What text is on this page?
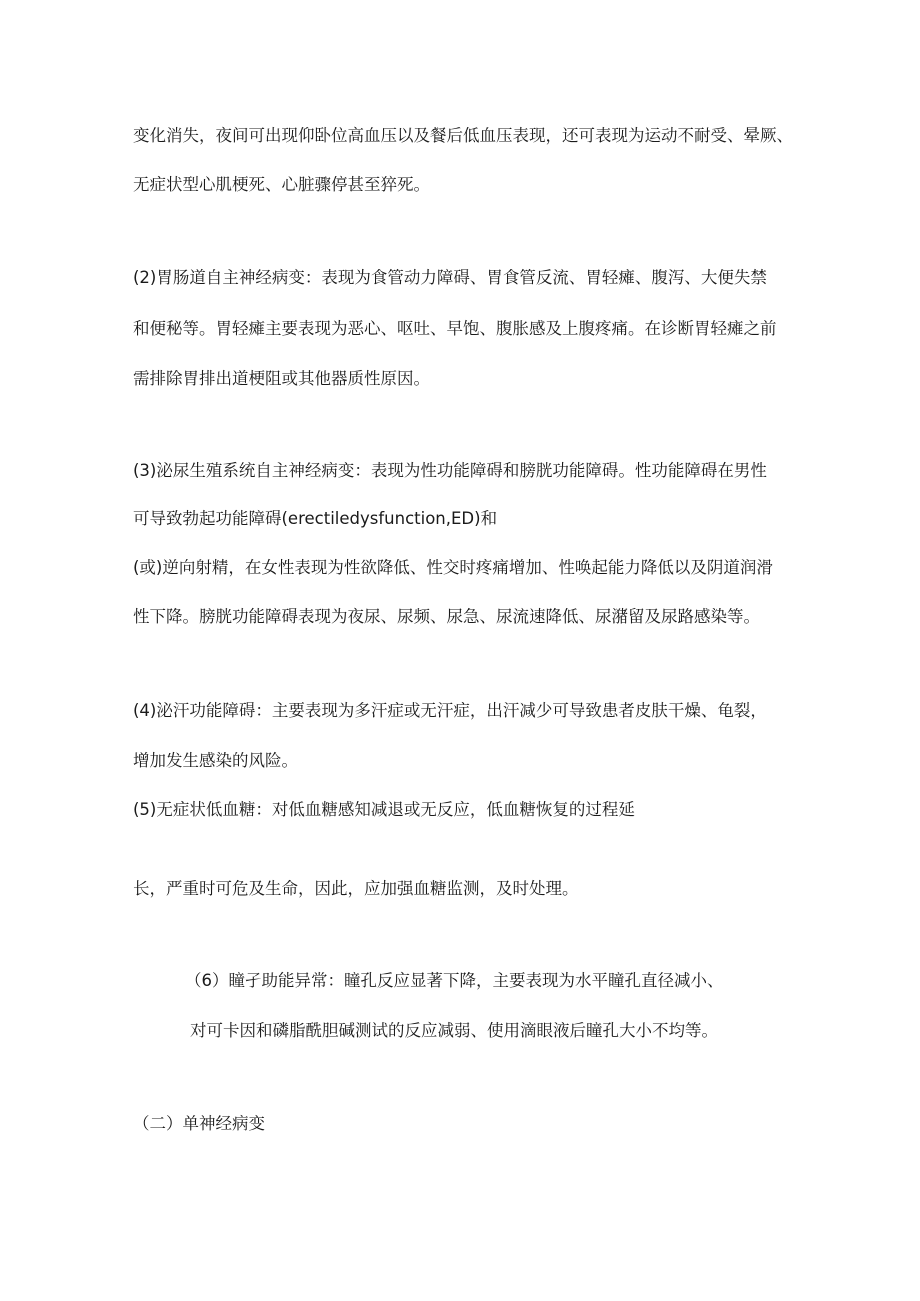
变化消失，夜间可出现仰卧位高血压以及餐后低血压表现，还可表现为运动不耐受、晕厥、
无症状型心肌梗死、心脏骤停甚至猝死。
(2)胃肠道自主神经病变：表现为食管动力障碍、胃食管反流、胃轻瘫、腹泻、大便失禁
和便秘等。胃轻瘫主要表现为恶心、呕吐、早饱、腹胀感及上腹疼痛。在诊断胃轻瘫之前
需排除胃排出道梗阻或其他器质性原因。
(3)泌尿生殖系统自主神经病变：表现为性功能障碍和膀胱功能障碍。性功能障碍在男性
可导致勃起功能障碍(erectiledysfunction,ED)和
(或)逆向射精，在女性表现为性欲降低、性交时疼痛增加、性唤起能力降低以及阴道润滑
性下降。膀胱功能障碍表现为夜尿、尿频、尿急、尿流速降低、尿潴留及尿路感染等。
(4)泌汗功能障碍：主要表现为多汗症或无汗症，出汗减少可导致患者皮肤干燥、龟裂，
增加发生感染的风险。
(5)无症状低血糖：对低血糖感知减退或无反应，低血糖恢复的过程延
长，严重时可危及生命，因此，应加强血糖监测，及时处理。
（6）瞳孑助能异常：瞳孔反应显著下降，主要表现为水平瞳孔直径减小、
对可卡因和磷脂酰胆碱测试的反应减弱、使用滴眼液后瞳孔大小不均等。
（二）单神经病变
